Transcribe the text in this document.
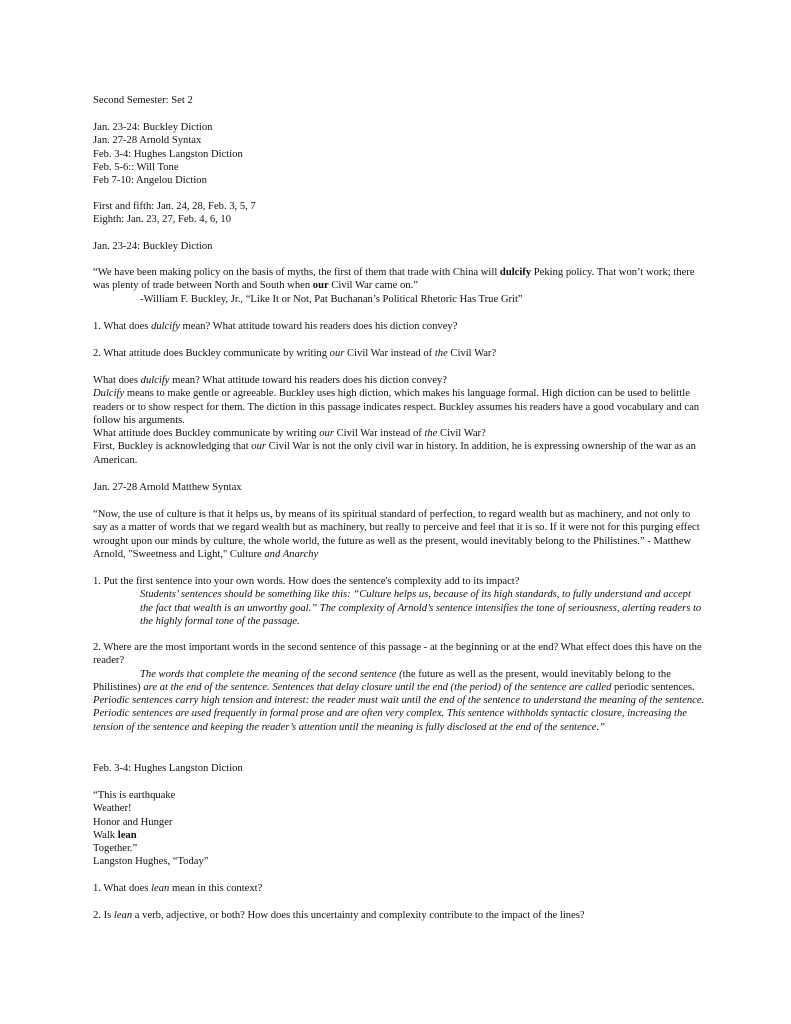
Second Semester: Set 2

Jan. 23-24: Buckley Diction

Jan. 27-28 Arnold Syntax

Feb. 3-4: Hughes Langston Diction

Feb. 5-6:: Will Tone

Feb 7-10: Angelou Diction

First and fifth: Jan. 24, 28, Feb. 3, 5, 7

Eighth: Jan. 23, 27, Feb. 4, 6, 10

Jan. 23-24: Buckley Diction

“We have been making policy on the basis of myths, the first of them that trade with China will dulcify Peking policy. That won’t work; there was plenty of trade between North and South when our Civil War came on.”

-William F. Buckley, Jr., “Like It or Not, Pat Buchanan’s Political Rhetoric Has True Grit”

1. What does dulcify mean? What attitude toward his readers does his diction convey?

2. What attitude does Buckley communicate by writing our Civil War instead of the Civil War?

What does dulcify mean? What attitude toward his readers does his diction convey?

Dulcify means to make gentle or agreeable. Buckley uses high diction, which makes his language formal. High diction can be used to belittle readers or to show respect for them. The diction in this passage indicates respect. Buckley assumes his readers have a good vocabulary and can follow his arguments.

What attitude does Buckley communicate by writing our Civil War instead of the Civil War?

First, Buckley is acknowledging that our Civil War is not the only civil war in history. In addition, he is expressing ownership of the war as an American.

Jan. 27-28 Arnold Matthew Syntax

“Now, the use of culture is that it helps us, by means of its spiritual standard of perfection, to regard wealth but as machinery, and not only to say as a matter of words that we regard wealth but as machinery, but really to perceive and feel that it is so. If it were not for this purging effect wrought upon our minds by culture, the whole world, the future as well as the present, would inevitably belong to the Philistines.” - Matthew Arnold, "Sweetness and Light," Culture and Anarchy

1. Put the first sentence into your own words. How does the sentence's complexity add to its impact?

Students’ sentences should be something like this: “Culture helps us, because of its high standards, to fully understand and accept the fact that wealth is an unworthy goal.” The complexity of Arnold’s sentence intensifies the tone of seriousness, alerting readers to the highly formal tone of the passage.

2. Where are the most important words in the second sentence of this passage - at the beginning or at the end? What effect does this have on the reader?

The words that complete the meaning of the second sentence (the future as well as the present, would inevitably belong to the Philistines) are at the end of the sentence. Sentences that delay closure until the end (the period) of the sentence are called periodic sentences. Periodic sentences carry high tension and interest: the reader must wait until the end of the sentence to understand the meaning of the sentence. Periodic sentences are used frequently in formal prose and are often very complex. This sentence withholds syntactic closure, increasing the tension of the sentence and keeping the reader’s attention until the meaning is fully disclosed at the end of the sentence.”

Feb. 3-4: Hughes Langston Diction

“This is earthquake

Weather!

Honor and Hunger

Walk lean

Together.”

Langston Hughes, “Today”

1. What does lean mean in this context?

2. Is lean a verb, adjective, or both? How does this uncertainty and complexity contribute to the impact of the lines?
